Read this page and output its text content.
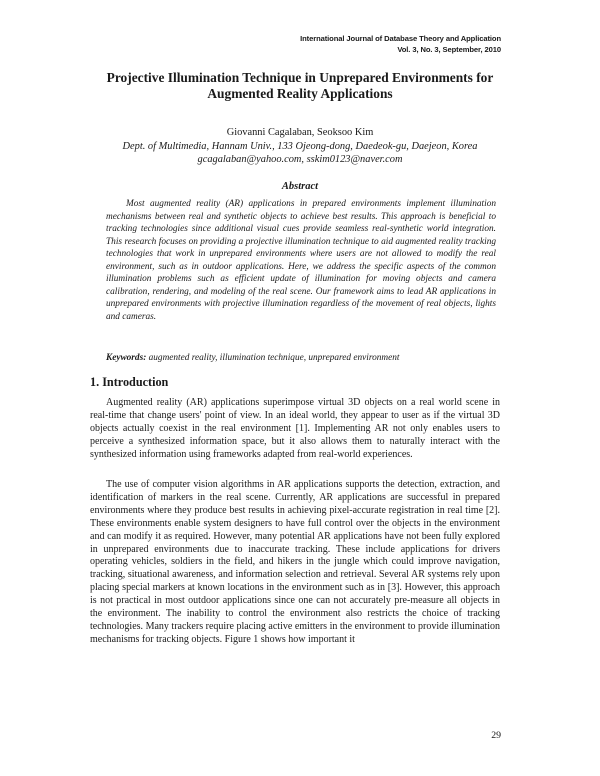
International Journal of Database Theory and Application
Vol. 3, No. 3, September, 2010
Projective Illumination Technique in Unprepared Environments for
Augmented Reality Applications
Giovanni Cagalaban, Seoksoo Kim
Dept. of Multimedia, Hannam Univ., 133 Ojeong-dong, Daedeok-gu, Daejeon, Korea
gcagalaban@yahoo.com, sskim0123@naver.com
Abstract

Most augmented reality (AR) applications in prepared environments implement illumination mechanisms between real and synthetic objects to achieve best results. This approach is beneficial to tracking technologies since additional visual cues provide seamless real-synthetic world integration. This research focuses on providing a projective illumination technique to aid augmented reality tracking technologies that work in unprepared environments where users are not allowed to modify the real environment, such as in outdoor applications. Here, we address the specific aspects of the common illumination problems such as efficient update of illumination for moving objects and camera calibration, rendering, and modeling of the real scene. Our framework aims to lead AR applications in unprepared environments with projective illumination regardless of the movement of real objects, lights and cameras.

Keywords: augmented reality, illumination technique, unprepared environment
1. Introduction

Augmented reality (AR) applications superimpose virtual 3D objects on a real world scene in real-time that change users' point of view. In an ideal world, they appear to user as if the virtual 3D objects actually coexist in the real environment [1]. Implementing AR not only enables users to perceive a synthesized information space, but it also allows them to naturally interact with the synthesized information using frameworks adapted from real-world experiences.

The use of computer vision algorithms in AR applications supports the detection, extraction, and identification of markers in the real scene. Currently, AR applications are successful in prepared environments where they produce best results in achieving pixel-accurate registration in real time [2]. These environments enable system designers to have full control over the objects in the environment and can modify it as required. However, many potential AR applications have not been fully explored in unprepared environments due to inaccurate tracking. These include applications for drivers operating vehicles, soldiers in the field, and hikers in the jungle which could improve navigation, tracking, situational awareness, and information selection and retrieval. Several AR systems rely upon placing special markers at known locations in the environment such as in [3]. However, this approach is not practical in most outdoor applications since one can not accurately pre-measure all objects in the environment. The inability to control the environment also restricts the choice of tracking technologies. Many trackers require placing active emitters in the environment to provide illumination mechanisms for tracking objects. Figure 1 shows how important it

29
